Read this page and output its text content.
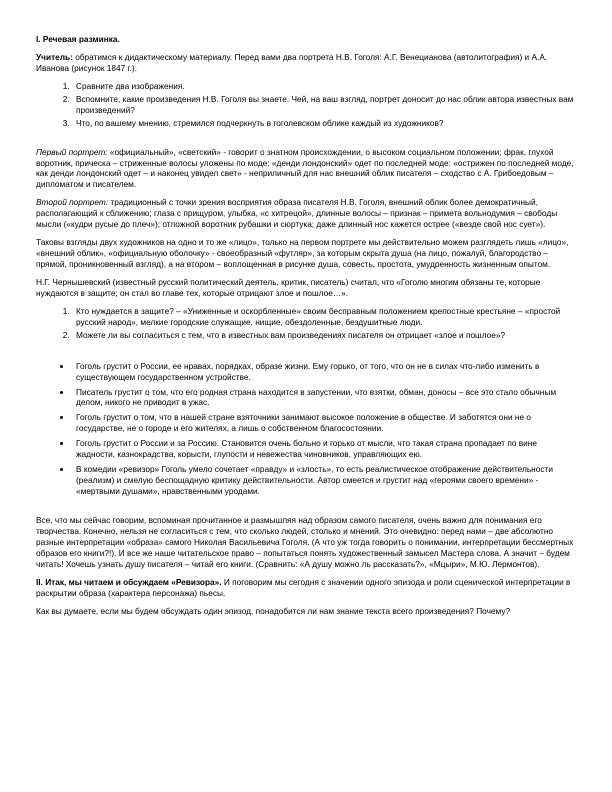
I. Речевая разминка.

Учитель: обратимся к дидактическому материалу. Перед вами два портрета Н.В. Гоголя: А.Г. Венецианова (автолитография) и А.А. Иванова (рисунок 1847 г.).

1. Сравните два изображения.
2. Вспомните, какие произведения Н.В. Гоголя вы знаете. Чей, на ваш взгляд, портрет доносит до нас облик автора известных вам произведений?
3. Что, по вашему мнению, стремился подчеркнуть в гоголевском облике каждый из художников?

Первый портрет: «официальный», «светский» - говорит о знатном происхождении, о высоком социальном положении; фрак, глухой воротник, прическа – стриженные волосы уложены по моде: «денди лондонский» одет по последней моде: «острижен по последней моде, как денди лондонский одет – и наконец увидел свет» - неприличный для нас внешний облик писателя – сходство с А. Грибоедовым – дипломатом и писателем.

Второй портрет: традиционный с точки зрения восприятия образа писателя Н.В. Гоголя, внешний облик более демократичный, располагающий к сближению; глаза с прищуром, улыбка, «с хитрецой», длинные волосы – признак – примета вольнодумия – свободы мысли («кудри русые до плеч»); отложной воротник рубашки и сюртука; даже длинный нос кажется острее («везде свой нос сует»).

Таковы взгляды двух художников на одно и то же «лицо», только на первом портрете мы действительно можем разглядеть лишь «лицо», «внешний облик», «официальную оболочку» - своеобразный «футляр», за которым скрыта душа (на лицо, пожалуй, благородство – прямой, проникновенный взгляд), а на втором – воплощенная в рисунке душа, совесть, простота, умудренность жизненным опытом.

Н.Г. Чернышевский (известный русский политический деятель, критик, писатель) считал, что «Гоголю многим обязаны те, которые нуждаются в защите; он стал во главе тех, которые отрицают злое и пошлое…».

1. Кто нуждается в защите? – «Униженные и оскорбленные» своим бесправным положением крепостные крестьяне – «простой русский народ», мелкие городские служащие, нищие, обездоленные, бездушитные люди.
2. Можете ли вы согласиться с тем, что в известных вам произведениях писателя он отрицает «злое и пошлое»?
• Гоголь грустит о России, ее нравах, порядках, образе жизни. Ему горько, от того, что он не в силах что-либо изменить в существующем государственном устройстве.
• Писатель грустит о том, что его родная страна находится в запустении, что взятки, обман, доносы – все это стало обычным делом, никого не приводит в ужас.
• Гоголь грустит о том, что в нашей стране взяточники занимают высокое положение в обществе. И заботятся они не о государстве, не о городе и его жителях, а лишь о собственном благосостоянии.
• Гоголь грустит о России и за Россию. Становится очень больно и горько от мысли, что такая страна пропадает по вине жадности, казнокрадства, корысти, глупости и невежества чиновников, управляющих ею.
• В комедии «ревизор» Гоголь умело сочетает «правду» и «злость», то есть реалистическое отображение действительности (реализм) и смелую беспощадную критику действительности. Автор смеется и грустит над «героями своего времени» - «мертвыми душами», нравственными уродами.

Все, что мы сейчас говорим, вспоминая прочитанное и размышляя над образом самого писателя, очень важно для понимания его творчества. Конечно, нельзя не согласиться с тем, что сколько людей, столько и мнений. Это очевидно: перед нами – две абсолютно разные интерпретации «образа» самого Николая Васильевича Гоголя. (А что уж тогда говорить о понимании, интерпретации бессмертных образов его книги?!). И все же наше читательское право – попытаться понять художественный замысел Мастера слова. А значит – будем читать! Хочешь узнать душу писателя – читай его книги. (Сравнить: «А душу можно ль рассказать?», «Мцыри», М.Ю. Лермонтов).

II. Итак, мы читаем и обсуждаем «Ревизора». И поговорим мы сегодня с значении одного эпизода и роли сценической интерпретации в раскрытии образа (характера персонажа) пьесы.

Как вы думаете, если мы будем обсуждать один эпизод, понадобится ли нам знание текста всего произведения? Почему?
